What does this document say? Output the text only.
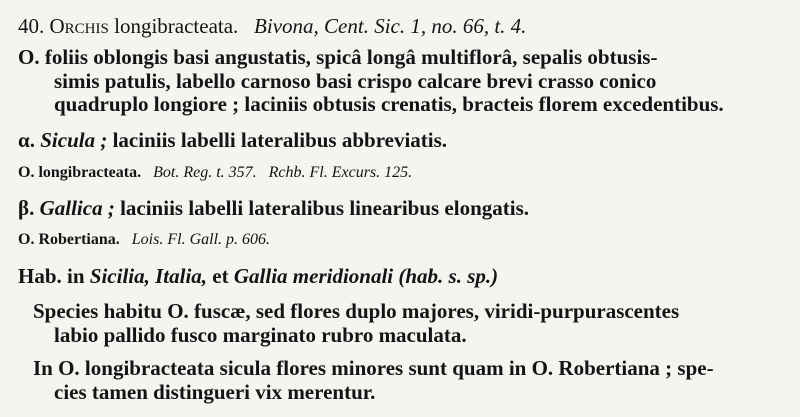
40. Orchis longibracteata. Bivona, Cent. Sic. 1, no. 66, t. 4.
O. foliis oblongis basi angustatis, spicâ longâ multiflorâ, sepalis obtusis-
simis patulis, labello carnoso basi crispo calcare brevi crasso conico
quadruplo longiore ; laciniis obtusis crenatis, bracteis florem excedentibus.
α. Sicula ; laciniis labelli lateralibus abbreviatis.
O. longibracteata. Bot. Reg. t. 357.   Rchb. Fl. Excurs. 125.
β. Gallica ; laciniis labelli lateralibus linearibus elongatis.
O. Robertiana. Lois. Fl. Gall. p. 606.
Hab. in Sicilia, Italia, et Gallia meridionali (hab. s. sp.)
Species habitu O. fuscæ, sed flores duplo majores, viridi-purpurascentes
labio pallido fusco marginato rubro maculata.
In O. longibracteata sicula flores minores sunt quam in O. Robertiana ; spe-
cies tamen distingueri vix merentur.
